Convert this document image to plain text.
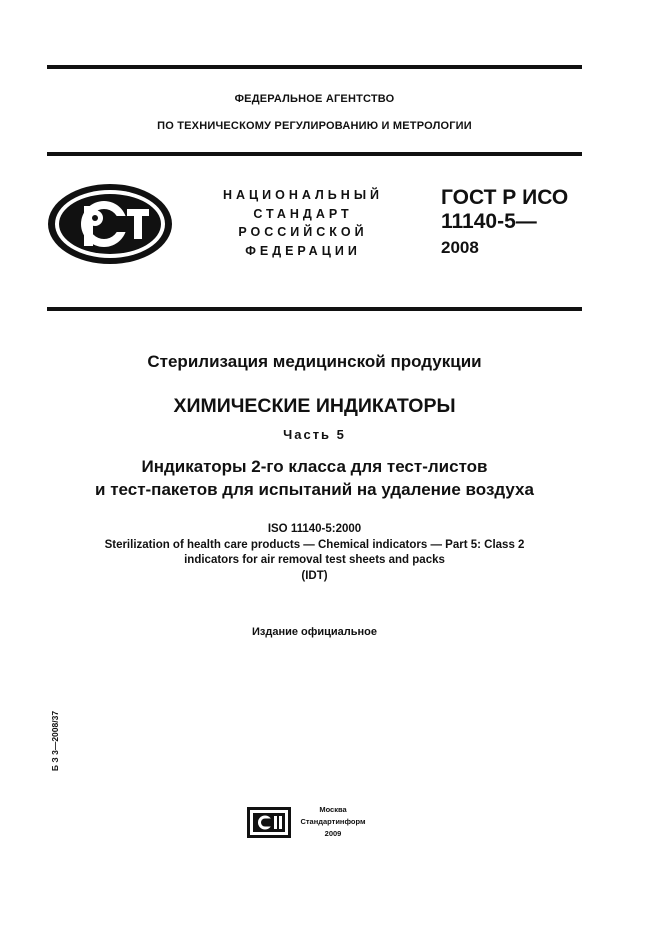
ФЕДЕРАЛЬНОЕ АГЕНТСТВО
ПО ТЕХНИЧЕСКОМУ РЕГУЛИРОВАНИЮ И МЕТРОЛОГИИ
НАЦИОНАЛЬНЫЙ
СТАНДАРТ
РОССИЙСКОЙ
ФЕДЕРАЦИИ
ГОСТ Р ИСО
11140-5—
2008
Стерилизация медицинской продукции
ХИМИЧЕСКИЕ ИНДИКАТОРЫ
Часть 5
Индикаторы 2-го класса для тест-листов
и тест-пакетов для испытаний на удаление воздуха
ISO 11140-5:2000
Sterilization of health care products — Chemical indicators — Part 5: Class 2
indicators for air removal test sheets and packs
(IDT)
Издание официальное
Б З 3—2008/37
Москва
Стандартинформ
2009
